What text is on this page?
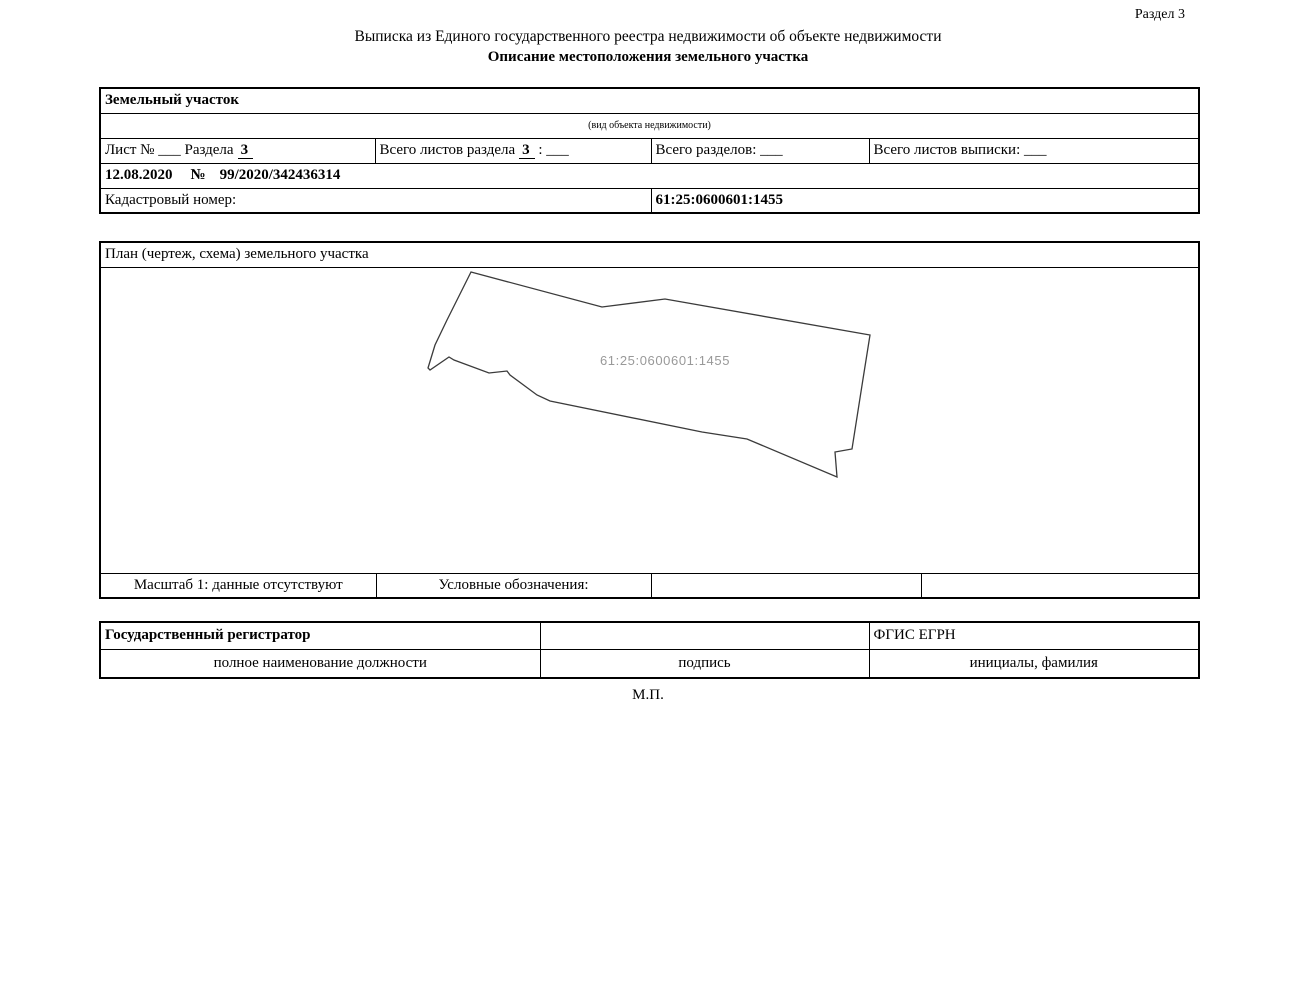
Раздел 3
Выписка из Единого государственного реестра недвижимости об объекте недвижимости
Описание местоположения земельного участка
Земельный участок			
(вид объекта недвижимости)			
Лист № ___ Раздела 3	Всего листов раздела 3 : ___	Всего разделов: ___	Всего листов выписки: ___
12.08.2020 № 99/2020/342436314			
Кадастровый номер:		61:25:0600601:1455	
План (чертеж, схема) земельного участка

61:25:0600601:1455

Масштаб 1: данные отсутствуют	Условные обозначения:		
Государственный регистратор		ФГИС ЕГРН
полное наименование должности	подпись	инициалы, фамилия
М.П.
